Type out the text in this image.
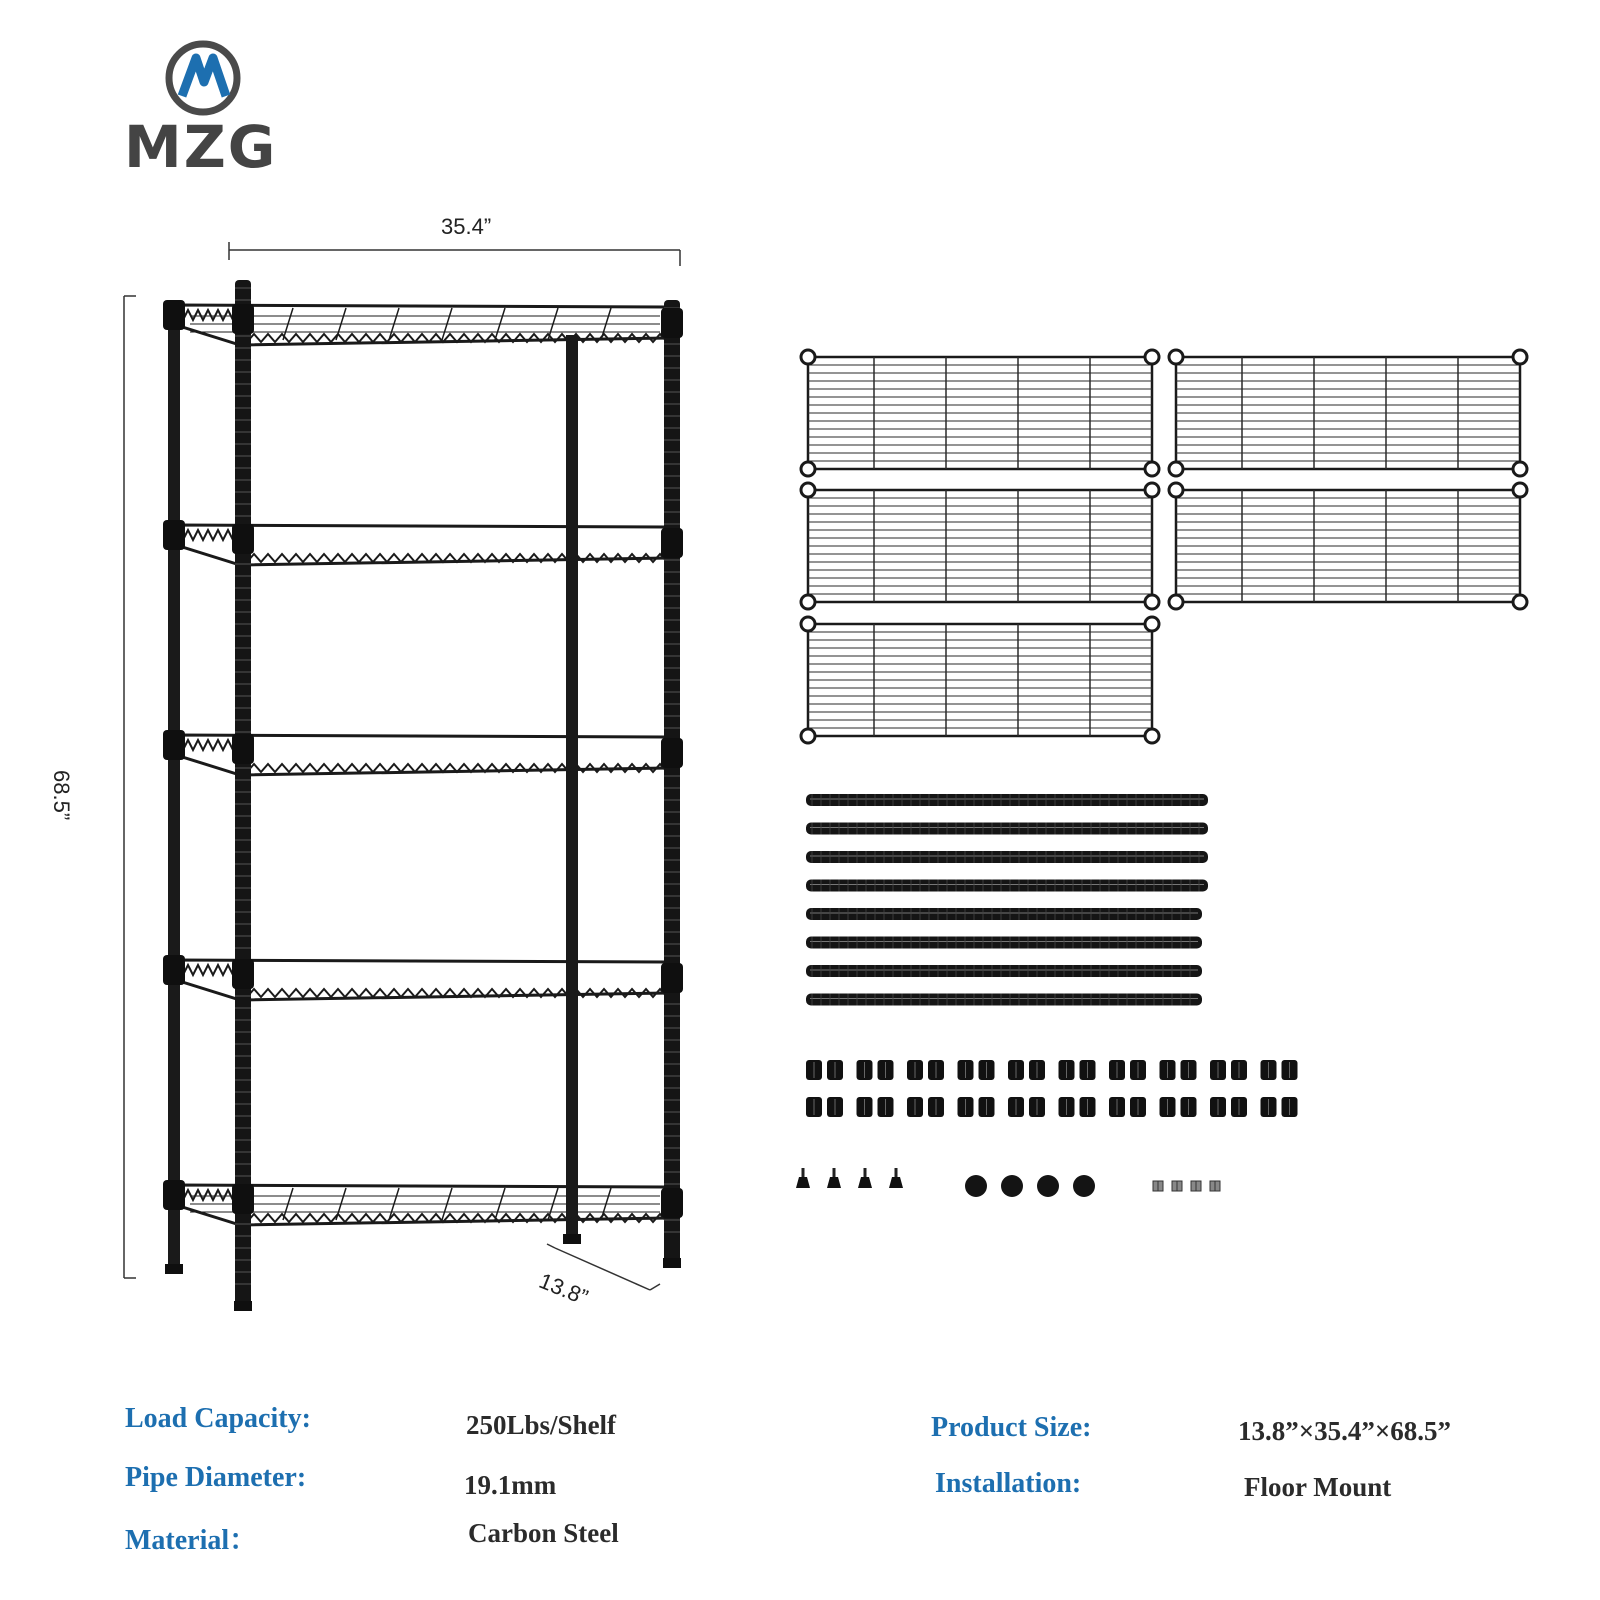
MZG
35.4”
68.5”
13.8”
Load Capacity:	250Lbs/Shelf
Pipe Diameter:	19.1mm
Material：	Carbon Steel
Product Size:	13.8”×35.4”×68.5”
Installation:	Floor Mount
